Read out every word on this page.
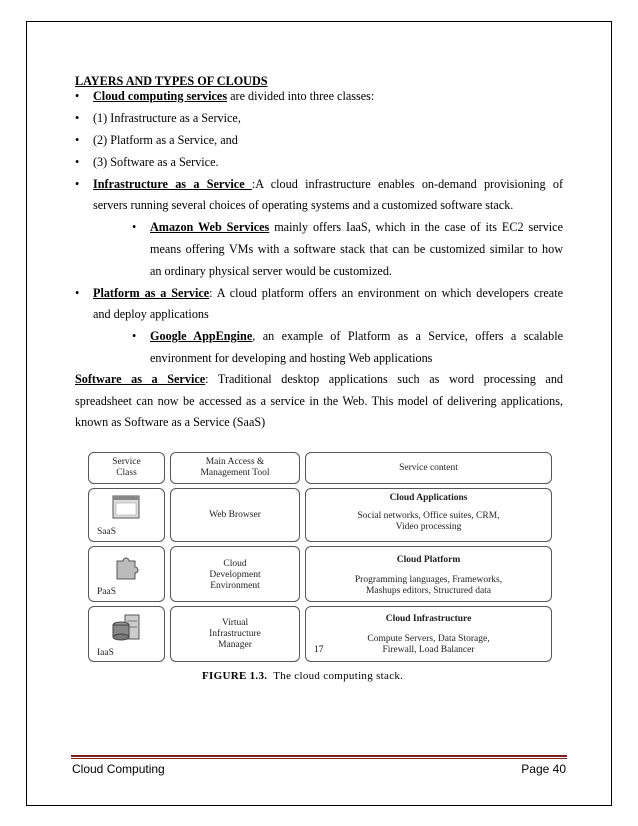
LAYERS AND TYPES OF CLOUDS
• Cloud computing services are divided into three classes:
• (1) Infrastructure as a Service,
• (2) Platform as a Service, and
• (3) Software as a Service.
• Infrastructure as a Service :A cloud infrastructure enables on-demand provisioning of
servers running several choices of operating systems and a customized software stack.
• Amazon Web Services mainly offers IaaS, which in the case of its EC2 service
means offering VMs with a software stack that can be customized similar to how
an ordinary physical server would be customized.
• Platform as a Service: A cloud platform offers an environment on which developers create
and deploy applications
• Google AppEngine, an example of Platform as a Service, offers a scalable
environment for developing and hosting Web applications
Software as a Service: Traditional desktop applications such as word processing and
spreadsheet can now be accessed as a service in the Web. This model of delivering applications,
known as Software as a Service (SaaS)
Service
Class
Main Access &
Management Tool	Service content
SaaS
Web Browser
Cloud Applications
Social networks, Office suites, CRM,
Video processing
PaaS
Cloud
Development
Environment
Cloud Platform
Programming languages, Frameworks,
Mashups editors, Structured data
IaaS
Virtual
Infrastructure
Manager
Cloud Infrastructure
Compute Servers, Data Storage,
Firewall, Load Balancer
17
FIGURE 1.3.  The cloud computing stack.
Cloud Computing	Page 40
